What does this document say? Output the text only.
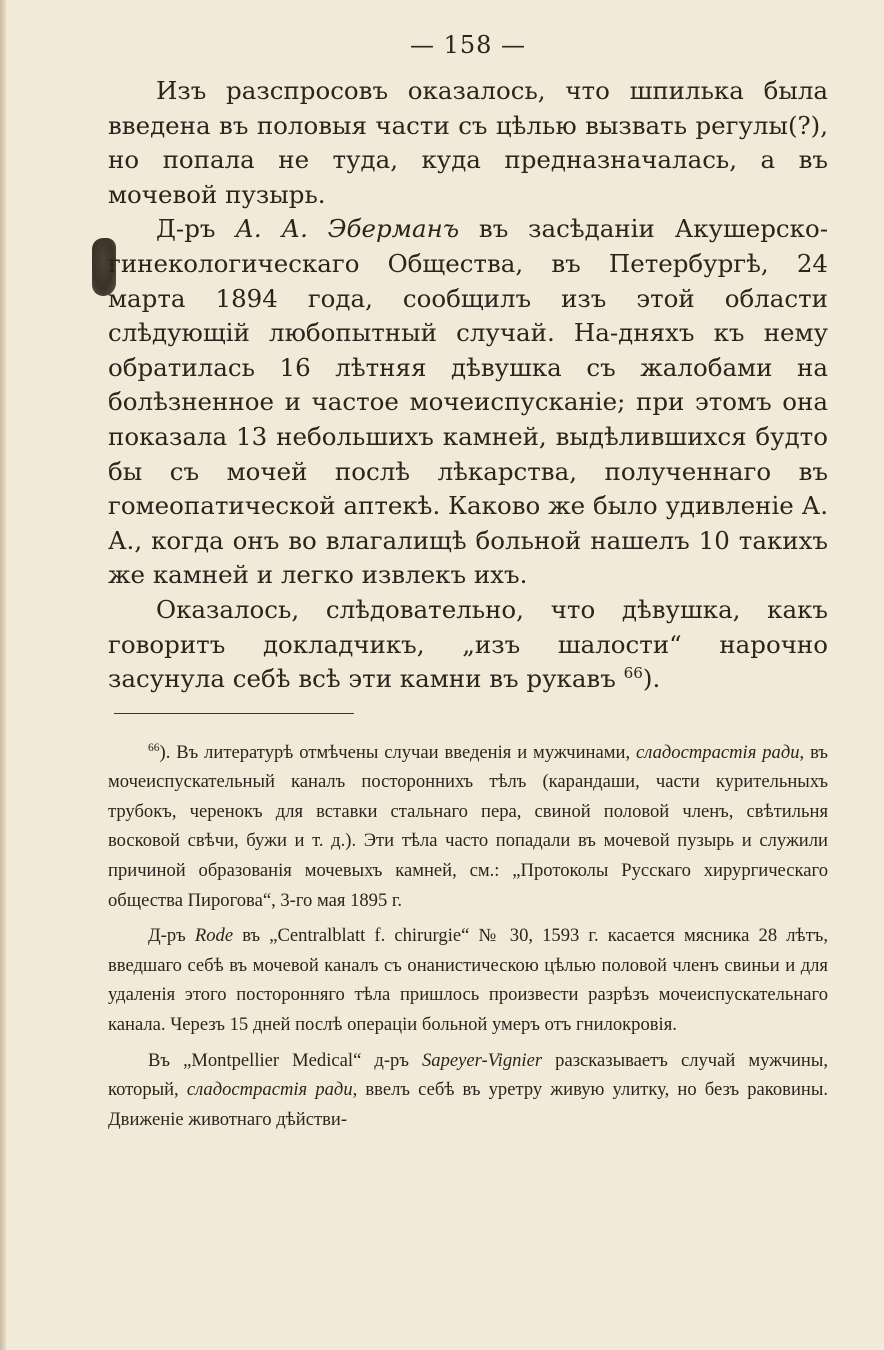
— 158 —

Изъ разспросовъ оказалось, что шпилька была введена въ половыя части съ цѣлью вызвать регулы(?), но попала не туда, куда предназначалась, а въ мочевой пузырь.

Д-ръ А. А. Эберманъ въ засѣданіи Акушерско-гинекологическаго Общества, въ Петербургѣ, 24 марта 1894 года, сообщилъ изъ этой области слѣдующій любопытный случай. На-дняхъ къ нему обратилась 16 лѣтняя дѣвушка съ жалобами на болѣзненное и частое мочеиспусканіе; при этомъ она показала 13 небольшихъ камней, выдѣлившихся будто бы съ мочей послѣ лѣкарства, полученнаго въ гомеопатической аптекѣ. Каково же было удивленіе А. А., когда онъ во влагалищѣ больной нашелъ 10 такихъ же камней и легко извлекъ ихъ.

Оказалось, слѣдовательно, что дѣвушка, какъ говоритъ докладчикъ, „изъ шалости“ нарочно засунула себѣ всѣ эти камни въ рукавъ $^{66}$).

$^{66}$). Въ литературѣ отмѣчены случаи введенія и мужчинами, сладострастія ради, въ мочеиспускательный каналъ постороннихъ тѣлъ (карандаши, части курительныхъ трубокъ, черенокъ для вставки стальнаго пера, свиной половой членъ, свѣтильня восковой свѣчи, бужи и т. д.). Эти тѣла часто попадали въ мочевой пузырь и служили причиной образованія мочевыхъ камней, см.: „Протоколы Русскаго хирургическаго общества Пирогова“, 3-го мая 1895 г.

Д-ръ Rode въ „Centralblatt f. chirurgie“ № 30, 1593 г. касается мясника 28 лѣтъ, введшаго себѣ въ мочевой каналъ съ онанистическою цѣлью половой членъ свиньи и для удаленія этого посторонняго тѣла пришлось произвести разрѣзъ мочеиспускательнаго канала. Черезъ 15 дней послѣ операціи больной умеръ отъ гнилокровія.

Въ „Montpellier Medical“ д-ръ Sapeyer-Vignier разсказываетъ случай мужчины, который, сладострастія ради, ввелъ себѣ въ уретру живую улитку, но безъ раковины. Движеніе животнаго дѣйстви-
